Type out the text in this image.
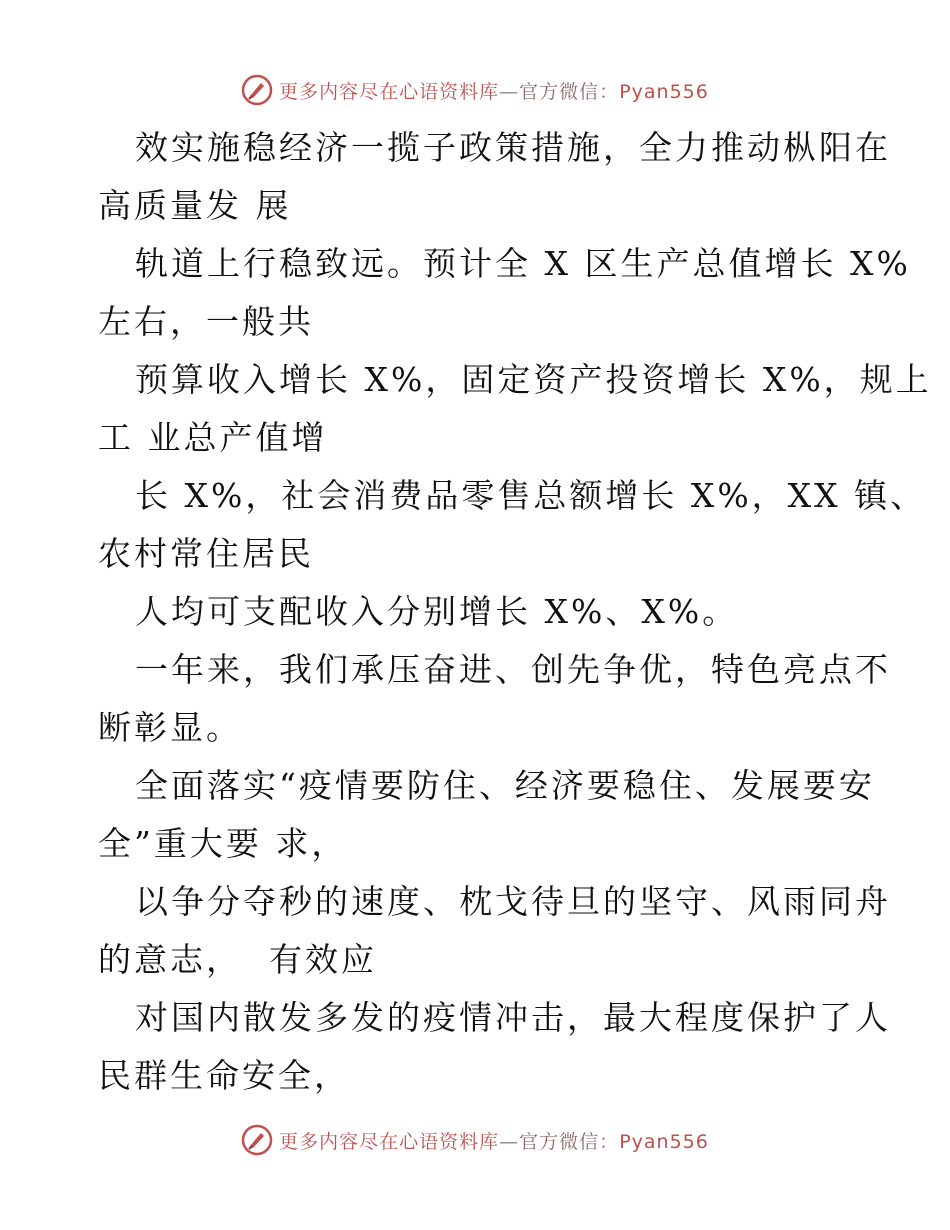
更多内容尽在心语资料库—官方微信：Pyan556
效实施稳经济一揽子政策措施，全力推动枞阳在
高质量发 展
轨道上行稳致远。预计全 X 区生产总值增长 X%
左右，一般共
预算收入增长 X%，固定资产投资增长 X%，规上
工 业总产值增
长 X%，社会消费品零售总额增长 X%，XX 镇、
农村常住居民
人均可支配收入分别增长 X%、X%。
一年来，我们承压奋进、创先争优，特色亮点不
断彰显。
全面落实“疫情要防住、经济要稳住、发展要安
全”重大要 求，
以争分夺秒的速度、枕戈待旦的坚守、风雨同舟
的意志，  有效应
对国内散发多发的疫情冲击，最大程度保护了人
民群生命安全，
更多内容尽在心语资料库—官方微信：Pyan556
